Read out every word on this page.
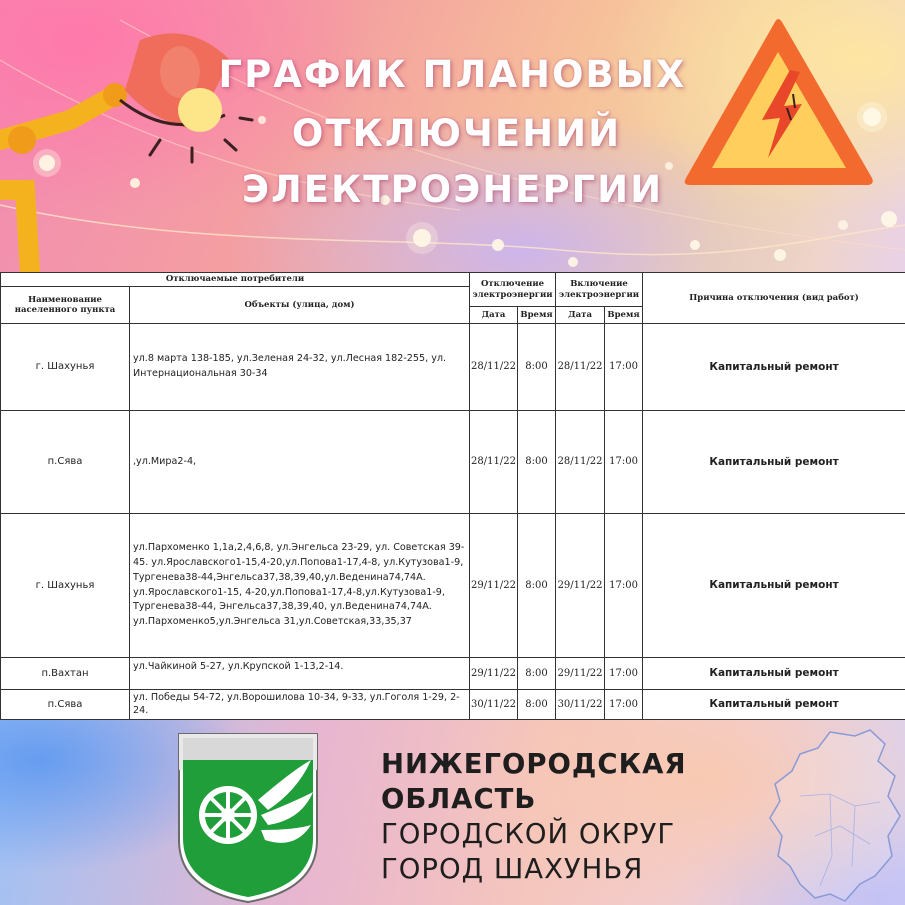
ГРАФИК ПЛАНОВЫХ
ОТКЛЮЧЕНИЙ
ЭЛЕКТРОЭНЕРГИИ
Отключаемые потребители		Отключение электроэнергии		Включение электроэнергии		Причина отключения (вид работ)
Наименование населенного пункта	Объекты (улица, дом)					
		Дата	Время	Дата	Время	
г. Шахунья	ул.8 марта 138-185, ул.Зеленая 24-32, ул.Лесная 182-255, ул. Интернациональная 30-34	28/11/22	8:00	28/11/22	17:00	Капитальный ремонт
п.Сява	,ул.Мира2-4,	28/11/22	8:00	28/11/22	17:00	Капитальный ремонт
г. Шахунья	ул.Пархоменко 1,1а,2,4,6,8, ул.Энгельса 23-29, ул. Советская 39-45. ул.Ярославского1-15,4-20,ул.Попова1-17,4-8, ул.Кутузова1-9, Тургенева38-44,Энгельса37,38,39,40,ул.Веденина74,74А. ул.Ярославского1-15, 4-20,ул.Попова1-17,4-8,ул.Кутузова1-9, Тургенева38-44, Энгельса37,38,39,40, ул.Веденина74,74А. ул.Пархоменко5,ул.Энгельса 31,ул.Советская,33,35,37	29/11/22	8:00	29/11/22	17:00	Капитальный ремонт
п.Вахтан	ул.Чайкиной 5-27, ул.Крупской 1-13,2-14.	29/11/22	8:00	29/11/22	17:00	Капитальный ремонт
п.Сява	ул. Победы 54-72, ул.Ворошилова 10-34, 9-33, ул.Гоголя 1-29, 2-24.	30/11/22	8:00	30/11/22	17:00	Капитальный ремонт
НИЖЕГОРОДСКАЯ
ОБЛАСТЬ
ГОРОДСКОЙ ОКРУГ
ГОРОД ШАХУНЬЯ
